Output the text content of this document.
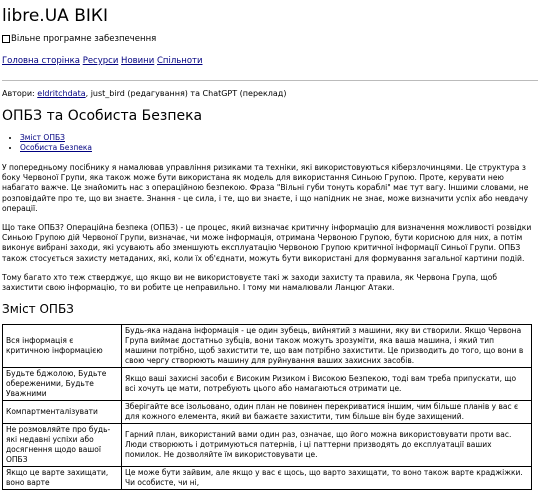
libre.UA ВІКІ
Вільне програмне забезпечення
Головна сторінка Ресурси Новини Спільноти
Автори: eldritchdata, just_bird (редагування) та ChatGPT (переклад)
ОПБЗ та Особиста Безпека
• Зміст ОПБЗ
• Особиста Безпека

У попередньому посібнику я намалював управління ризиками та техніки, які використовуються кіберзлочинцями. Це структура з боку Червоної Групи, яка також може бути використана як модель для використання Синьою Групою. Проте, керувати нею набагато важче. Це знайомить нас з операційною безпекою. Фраза "Вільні губи тонуть кораблі" має тут вагу. Іншими словами, не розповідайте про те, що ви знаєте. Знання - це сила, і те, що ви знаєте, і що напідник не знає, може визначити успіх або невдачу операції.

Що таке ОПБЗ? Операційна безпека (ОПБЗ) - це процес, який визначає критичну інформацію для визначення можливості розвідки Синьою Групою дій Червоної Групи, визначає, чи може інформація, отримана Червоною Групою, бути корисною для них, а потім виконує вибрані заходи, які усувають або зменшують експлуатацію Червоною Групою критичної інформації Синьої Групи. ОПБЗ також стосується захисту метаданих, які, коли їх об'єднати, можуть бути використані для формування загальної картини подій.

Тому багато хто теж стверджує, що якщо ви не використовуєте такі ж заходи захисту та правила, як Червона Група, щоб захистити свою інформацію, то ви робите це неправильно. І тому ми намалювали Ланцюг Атаки.

Зміст ОПБЗ
Вся інформація є критичною інформацією	Будь-яка надана інформація - це один зубець, вийнятий з машини, яку ви створили. Якщо Червона Група виймає достатньо зубців, вони також можуть зрозуміти, яка ваша машина, і який тип машини потрібно, щоб захистити те, що вам потрібно захистити. Це призводить до того, що вони в свою чергу створюють машину для руйнування ваших захисних засобів.
Будьте бджолою, Будьте обереженими, Будьте Уважними	Якщо ваші захисні засоби є Високим Ризиком і Високою Безпекою, тоді вам треба припускати, що всі хочуть це мати, потребують цього або намагаються отримати це.
Компартменталізувати	Зберігайте все ізольовано, один план не повинен перекриватися іншим, чим більше планів у вас є для кожного елемента, який ви бажаєте захистити, тим більше він буде захищений.
Не розмовляйте про будь-які недавні успіхи або досягнення щодо вашої ОПБЗ	Гарний план, використаний вами один раз, означає, що його можна використовувати проти вас. Люди створюють і дотримуються патернів, і ці паттерни призводять до експлуатації ваших помилок. Не дозволяйте їм використовувати це.
Якщо це варте захищати, воно варте	Це може бути зайвим, але якщо у вас є щось, що варто захищати, то воно також варте краджіжки. Чи особисте, чи ні,
